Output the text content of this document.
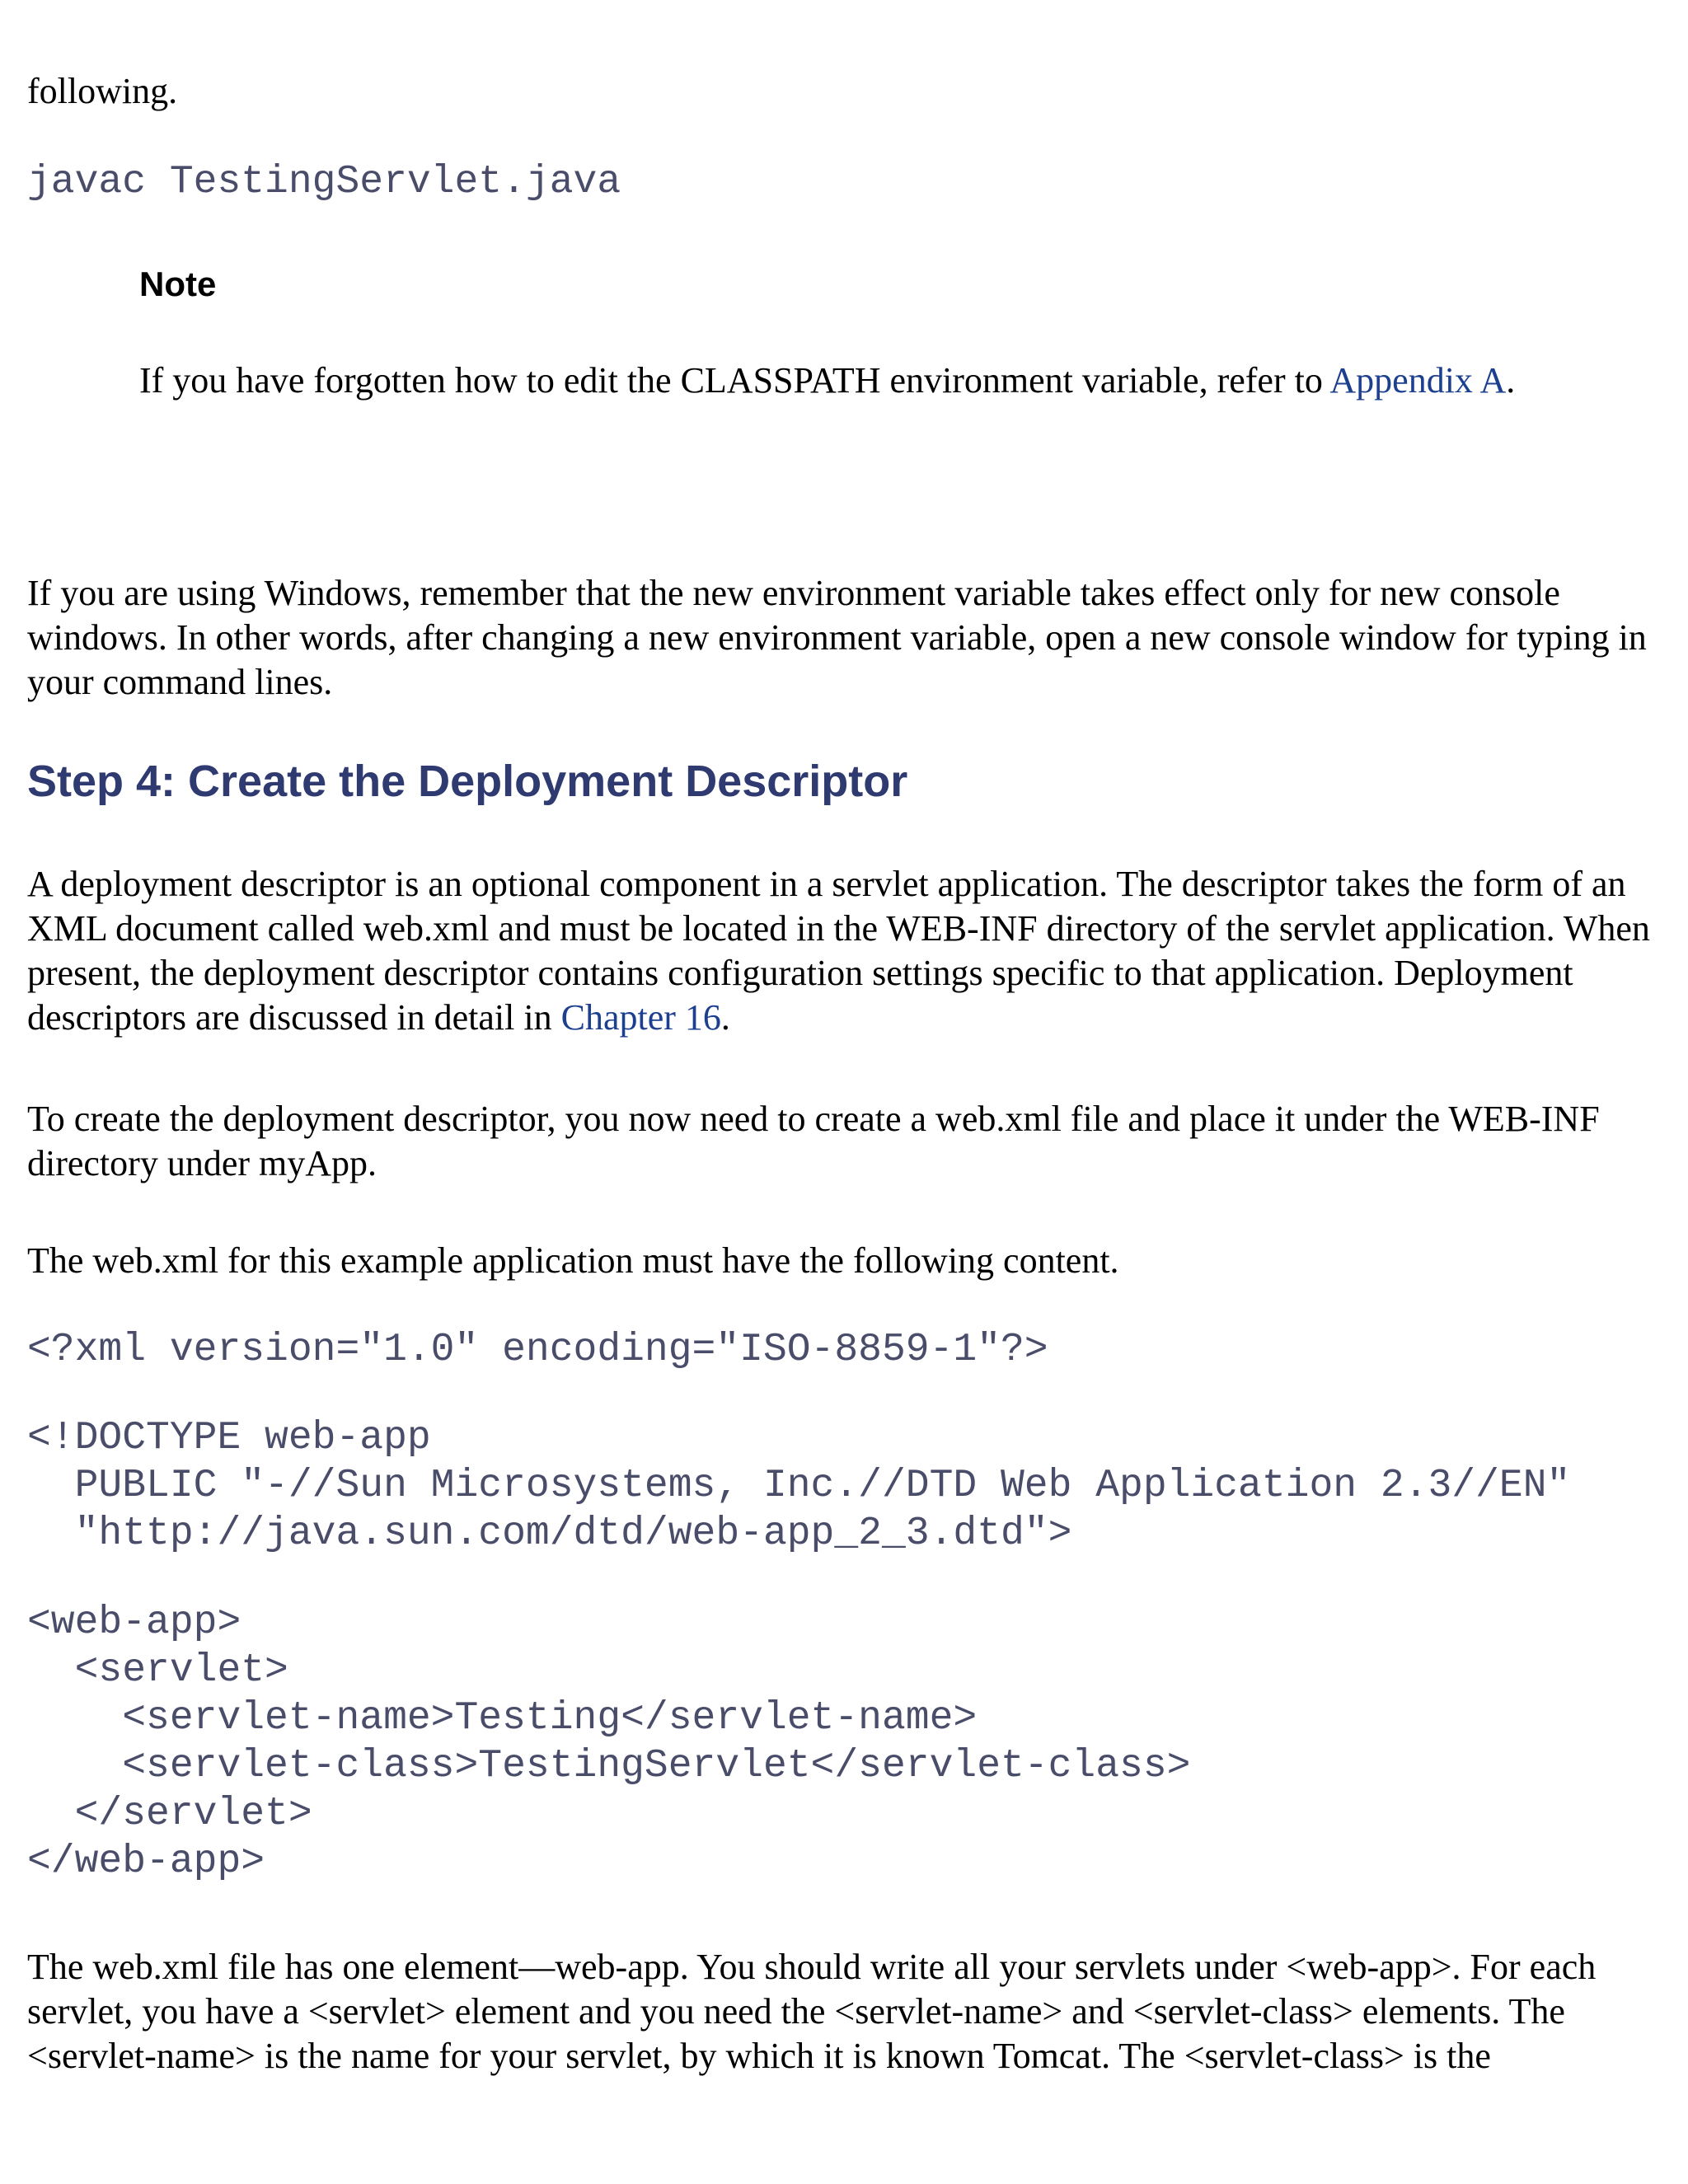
following.

javac TestingServlet.java

Note

If you have forgotten how to edit the CLASSPATH environment variable, refer to Appendix A.

If you are using Windows, remember that the new environment variable takes effect only for new console windows. In other words, after changing a new environment variable, open a new console window for typing in your command lines.

Step 4: Create the Deployment Descriptor

A deployment descriptor is an optional component in a servlet application. The descriptor takes the form of an XML document called web.xml and must be located in the WEB-INF directory of the servlet application. When present, the deployment descriptor contains configuration settings specific to that application. Deployment descriptors are discussed in detail in Chapter 16.

To create the deployment descriptor, you now need to create a web.xml file and place it under the WEB-INF directory under myApp.

The web.xml for this example application must have the following content.

<?xml version="1.0" encoding="ISO-8859-1"?>
<!DOCTYPE web-app
PUBLIC "-//Sun Microsystems, Inc.//DTD Web Application 2.3//EN"
"http://java.sun.com/dtd/web-app_2_3.dtd">
<web-app>
<servlet>
<servlet-name>Testing</servlet-name>
<servlet-class>TestingServlet</servlet-class>
</servlet>
</web-app>

The web.xml file has one element—web-app. You should write all your servlets under <web-app>. For each servlet, you have a <servlet> element and you need the <servlet-name> and <servlet-class> elements. The <servlet-name> is the name for your servlet, by which it is known Tomcat. The <servlet-class> is the
